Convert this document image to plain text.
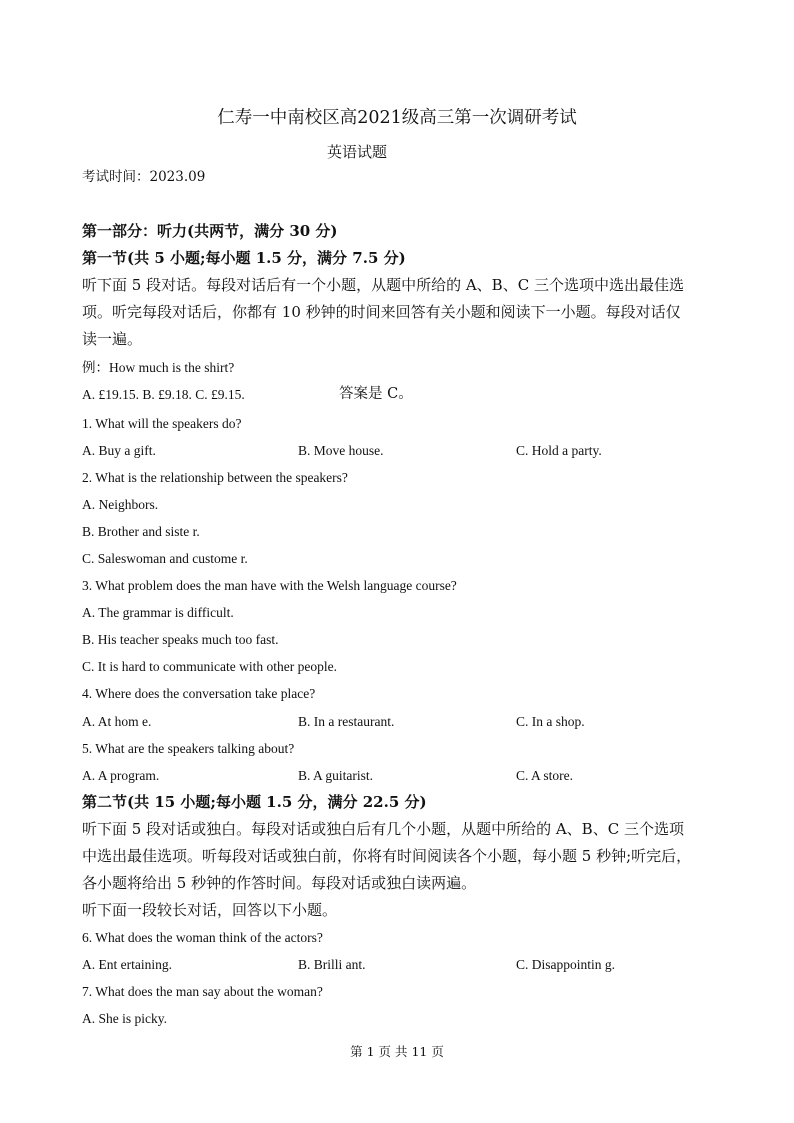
仁寿一中南校区高2021级高三第一次调研考试
英语试题
考试时间：2023.09
第一部分：听力(共两节，满分 30 分)
第一节(共 5 小题;每小题 1.5 分，满分 7.5 分)
听下面 5 段对话。每段对话后有一个小题，从题中所给的 A、B、C 三个选项中选出最佳选
项。听完每段对话后，你都有 10 秒钟的时间来回答有关小题和阅读下一小题。每段对话仅
读一遍。
例：How much is the shirt?
A. £19.15. B. £9.18. C. £9.15.	答案是 C。
1. What will the speakers do?
A. Buy a gift.	B. Move house.	C. Hold a party.
2. What is the relationship between the speakers?
A. Neighbors.
B. Brother and siste r.
C. Saleswoman and custome r.
3. What problem does the man have with the Welsh language course?
A. The grammar is difficult.
B. His teacher speaks much too fast.
C. It is hard to communicate with other people.
4. Where does the conversation take place?
A. At hom e.	B. In a restaurant.	C. In a shop.
5. What are the speakers talking about?
A. A program.	B. A guitarist.	C. A store.
第二节(共 15 小题;每小题 1.5 分，满分 22.5 分)
听下面 5 段对话或独白。每段对话或独白后有几个小题，从题中所给的 A、B、C 三个选项
中选出最佳选项。听每段对话或独白前，你将有时间阅读各个小题，每小题 5 秒钟;听完后，
各小题将给出 5 秒钟的作答时间。每段对话或独白读两遍。
听下面一段较长对话，回答以下小题。
6. What does the woman think of the actors?
A. Ent ertaining.	B. Brilli ant.	C. Disappointin g.
7. What does the man say about the woman?
A. She is picky.
第 1 页 共 11 页
